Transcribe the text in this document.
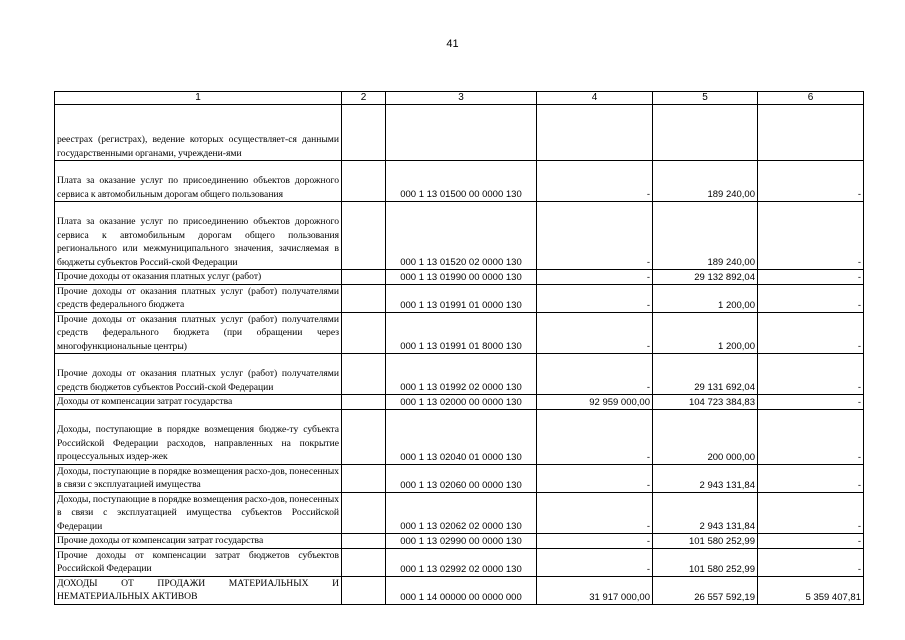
41
1	2	3	4	5	6
реестрах (регистрах), ведение которых осуществляет-ся данными государственными органами, учреждени-ями					
Плата за оказание услуг по присоединению объектов дорожного сервиса к автомобильным дорогам общего пользования		000 1 13 01500 00 0000 130	-	189 240,00	-
Плата за оказание услуг по присоединению объектов дорожного сервиса к автомобильным дорогам общего пользования регионального или межмуниципального значения, зачисляемая в бюджеты субъектов Россий-ской Федерации		000 1 13 01520 02 0000 130	-	189 240,00	-
Прочие доходы от оказания платных услуг (работ)		000 1 13 01990 00 0000 130	-	29 132 892,04	-
Прочие доходы от оказания платных услуг (работ) получателями средств федерального бюджета		000 1 13 01991 01 0000 130	-	1 200,00	-
Прочие доходы от оказания платных услуг (работ) получателями средств федерального бюджета (при обращении через многофункциональные центры)		000 1 13 01991 01 8000 130	-	1 200,00	-
Прочие доходы от оказания платных услуг (работ) получателями средств бюджетов субъектов Россий-ской Федерации		000 1 13 01992 02 0000 130	-	29 131 692,04	-
Доходы от компенсации затрат государства		000 1 13 02000 00 0000 130	92 959 000,00	104 723 384,83	-
Доходы, поступающие в порядке возмещения бюдже-ту субъекта Российской Федерации расходов, направленных на покрытие процессуальных издер-жек		000 1 13 02040 01 0000 130	-	200 000,00	-
Доходы, поступающие в порядке возмещения расхо-дов, понесенных в связи с эксплуатацией имущества		000 1 13 02060 00 0000 130	-	2 943 131,84	-
Доходы, поступающие в порядке возмещения расхо-дов, понесенных в связи с эксплуатацией имущества субъектов Российской Федерации		000 1 13 02062 02 0000 130	-	2 943 131,84	-
Прочие доходы от компенсации затрат государства		000 1 13 02990 00 0000 130	-	101 580 252,99	-
Прочие доходы от компенсации затрат бюджетов субъектов Российской Федерации		000 1 13 02992 02 0000 130	-	101 580 252,99	-
ДОХОДЫ ОТ ПРОДАЖИ МАТЕРИАЛЬНЫХ И НЕМАТЕРИАЛЬНЫХ АКТИВОВ		000 1 14 00000 00 0000 000	31 917 000,00	26 557 592,19	5 359 407,81
